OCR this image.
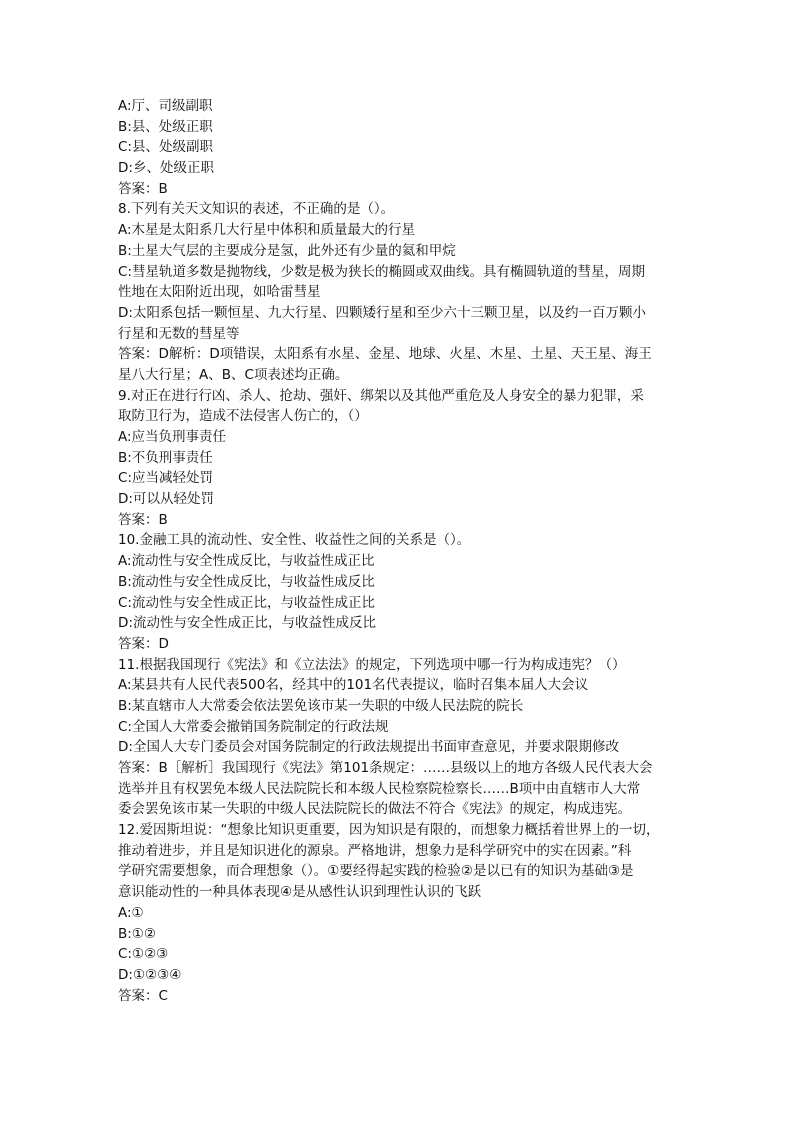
A:厅、司级副职
B:县、处级正职
C:县、处级副职
D:乡、处级正职
答案：B
8.下列有关天文知识的表述，不正确的是（）。
A:木星是太阳系几大行星中体积和质量最大的行星
B:土星大气层的主要成分是氢，此外还有少量的氦和甲烷
C:彗星轨道多数是抛物线，少数是极为狭长的椭圆或双曲线。具有椭圆轨道的彗星，周期
性地在太阳附近出现，如哈雷彗星
D:太阳系包括一颗恒星、九大行星、四颗矮行星和至少六十三颗卫星，以及约一百万颗小
行星和无数的彗星等
答案：D解析：D项错误，太阳系有水星、金星、地球、火星、木星、土星、天王星、海王
星八大行星；A、B、C项表述均正确。
9.对正在进行行凶、杀人、抢劫、强奸、绑架以及其他严重危及人身安全的暴力犯罪，采
取防卫行为，造成不法侵害人伤亡的，（）
A:应当负刑事责任
B:不负刑事责任
C:应当减轻处罚
D:可以从轻处罚
答案：B
10.金融工具的流动性、安全性、收益性之间的关系是（）。
A:流动性与安全性成反比，与收益性成正比
B:流动性与安全性成反比，与收益性成反比
C:流动性与安全性成正比，与收益性成正比
D:流动性与安全性成正比，与收益性成反比
答案：D
11.根据我国现行《宪法》和《立法法》的规定，下列选项中哪一行为构成违宪？（）
A:某县共有人民代表500名，经其中的101名代表提议，临时召集本届人大会议
B:某直辖市人大常委会依法罢免该市某一失职的中级人民法院的院长
C:全国人大常委会撤销国务院制定的行政法规
D:全国人大专门委员会对国务院制定的行政法规提出书面审查意见，并要求限期修改
答案：B［解析］我国现行《宪法》第101条规定：……县级以上的地方各级人民代表大会
选举并且有权罢免本级人民法院院长和本级人民检察院检察长……B项中由直辖市人大常
委会罢免该市某一失职的中级人民法院院长的做法不符合《宪法》的规定，构成违宪。
12.爱因斯坦说：“想象比知识更重要，因为知识是有限的，而想象力概括着世界上的一切，
推动着进步，并且是知识进化的源泉。严格地讲，想象力是科学研究中的实在因素。”科
学研究需要想象，而合理想象（）。①要经得起实践的检验②是以已有的知识为基础③是
意识能动性的一种具体表现④是从感性认识到理性认识的飞跃
A:①
B:①②
C:①②③
D:①②③④
答案：C
